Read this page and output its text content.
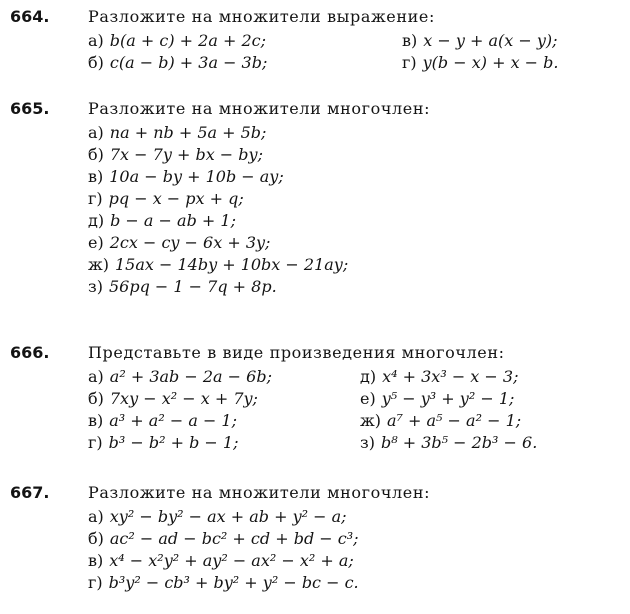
664. Разложите на множители выражение:
а) b(a + c) + 2a + 2c;	в) x − y + a(x − y);
б) c(a − b) + 3a − 3b;	г) y(b − x) + x − b.
665. Разложите на множители многочлен:
а) na + nb + 5a + 5b;
б) 7x − 7y + bx − by;
в) 10a − by + 10b − ay;
г) pq − x − px + q;
д) b − a − ab + 1;
е) 2cx − cy − 6x + 3y;
ж) 15ax − 14by + 10bx − 21ay;
з) 56pq − 1 − 7q + 8p.
666. Представьте в виде произведения многочлен:
а) a² + 3ab − 2a − 6b;	д) x⁴ + 3x³ − x − 3;
б) 7xy − x² − x + 7y;	е) y⁵ − y³ + y² − 1;
в) a³ + a² − a − 1;	ж) a⁷ + a⁵ − a² − 1;
г) b³ − b² + b − 1;	з) b⁸ + 3b⁵ − 2b³ − 6.
667. Разложите на множители многочлен:
а) xy² − by² − ax + ab + y² − a;
б) ac² − ad − bc² + cd + bd − c³;
в) x⁴ − x²y² + ay² − ax² − x² + a;
г) b³y² − cb³ + by² + y² − bc − c.
